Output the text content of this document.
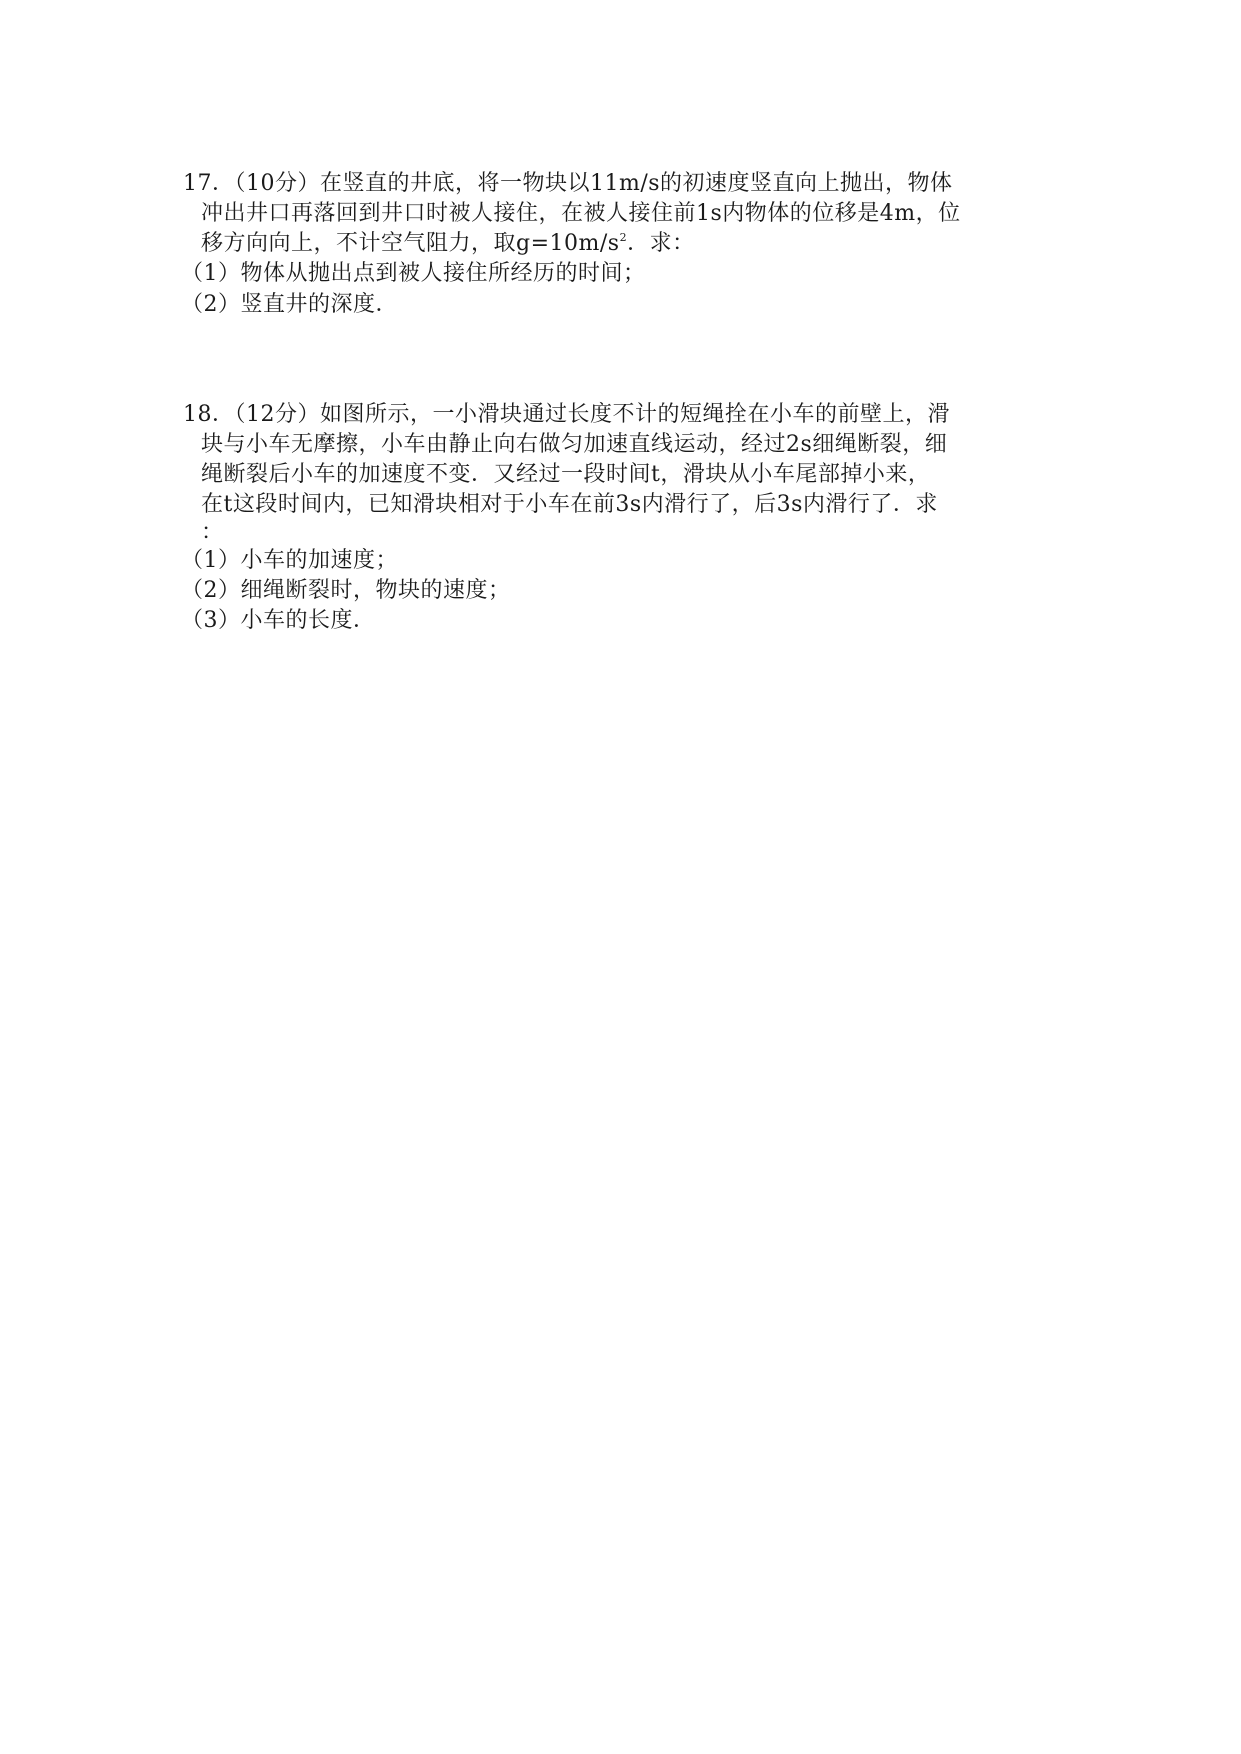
17．（10分）在竖直的井底，将一物块以11m/s的初速度竖直向上抛出，物体
冲出井口再落回到井口时被人接住，在被人接住前1s内物体的位移是4m，位
移方向向上，不计空气阻力，取$g=10m/s^2$．求：
（1）物体从抛出点到被人接住所经历的时间；
（2）竖直井的深度．
18．（12分）如图所示，一小滑块通过长度不计的短绳拴在小车的前壁上，滑
块与小车无摩擦，小车由静止向右做匀加速直线运动，经过2s细绳断裂，细
绳断裂后小车的加速度不变．又经过一段时间t，滑块从小车尾部掉小来，
在t这段时间内，已知滑块相对于小车在前3s内滑行了，后3s内滑行了．求
：
（1）小车的加速度；
（2）细绳断裂时，物块的速度；
（3）小车的长度．
